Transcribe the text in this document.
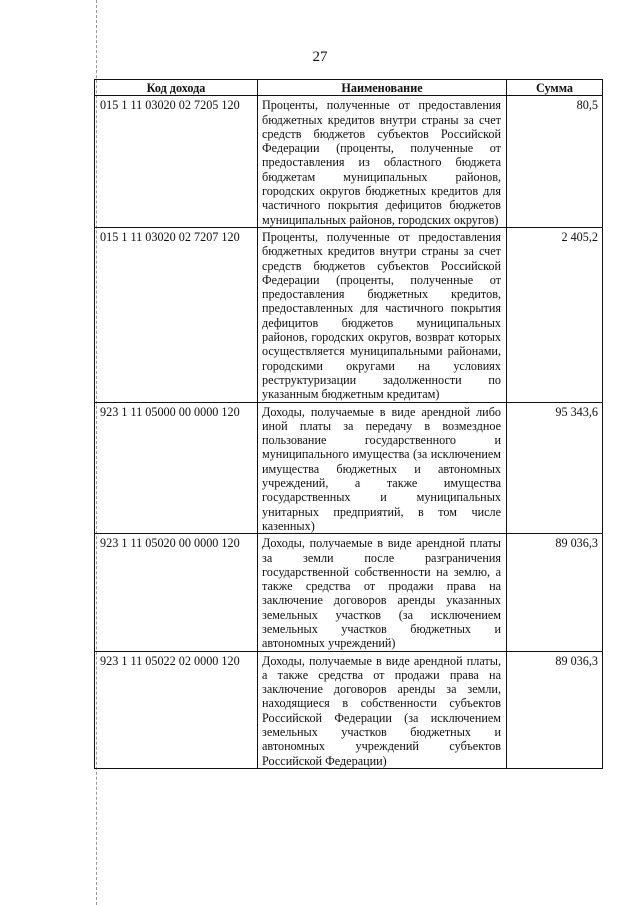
27
Код дохода	Наименование	Сумма
015 1 11 03020 02 7205 120	Проценты, полученные от предоставления бюджетных кредитов внутри страны за счет средств бюджетов субъектов Российской Федерации (проценты, полученные от предоставления из областного бюджета бюджетам муниципальных районов, городских округов бюджетных кредитов для частичного покрытия дефицитов бюджетов муниципальных районов, городских округов)	80,5
015 1 11 03020 02 7207 120	Проценты, полученные от предоставления бюджетных кредитов внутри страны за счет средств бюджетов субъектов Российской Федерации (проценты, полученные от предоставления бюджетных кредитов, предоставленных для частичного покрытия дефицитов бюджетов муниципальных районов, городских округов, возврат которых осуществляется муниципальными районами, городскими округами на условиях реструктуризации задолженности по указанным бюджетным кредитам)	2 405,2
923 1 11 05000 00 0000 120	Доходы, получаемые в виде арендной либо иной платы за передачу в возмездное пользование государственного и муниципального имущества (за исключением имущества бюджетных и автономных учреждений, а также имущества государственных и муниципальных унитарных предприятий, в том числе казенных)	95 343,6
923 1 11 05020 00 0000 120	Доходы, получаемые в виде арендной платы за земли после разграничения государственной собственности на землю, а также средства от продажи права на заключение договоров аренды указанных земельных участков (за исключением земельных участков бюджетных и автономных учреждений)	89 036,3
923 1 11 05022 02 0000 120	Доходы, получаемые в виде арендной платы, а также средства от продажи права на заключение договоров аренды за земли, находящиеся в собственности субъектов Российской Федерации (за исключением земельных участков бюджетных и автономных учреждений субъектов Российской Федерации)	89 036,3
